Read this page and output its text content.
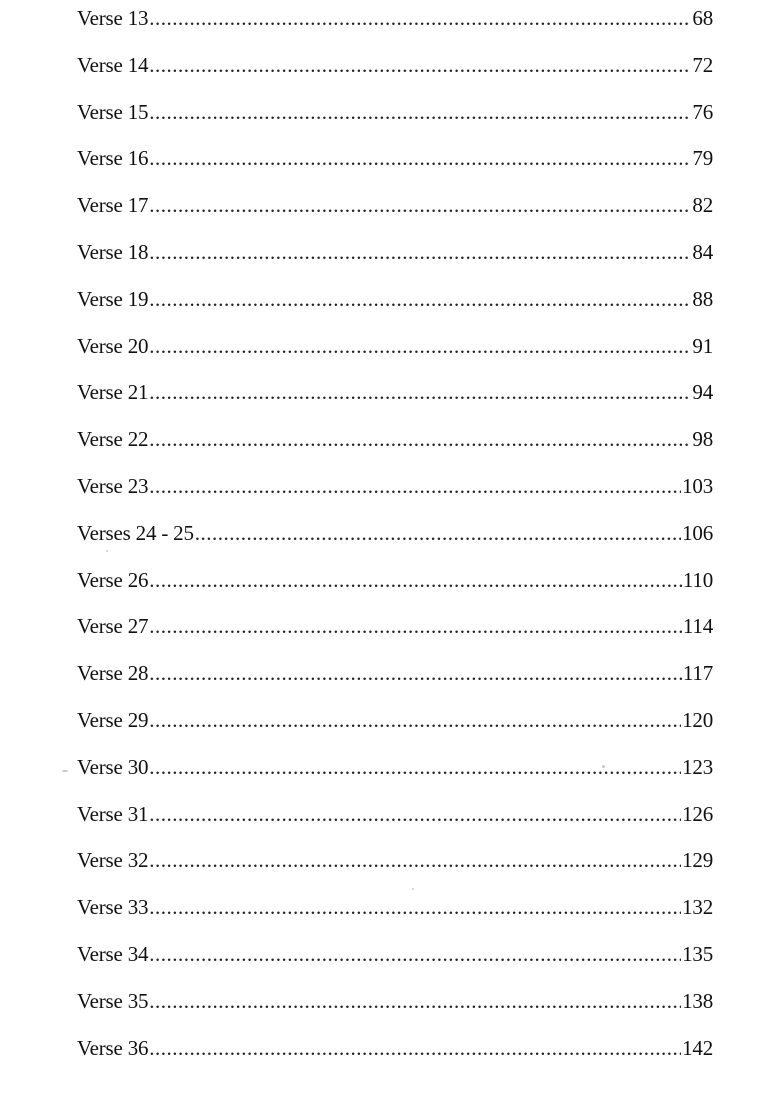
Verse 13 .....	68
Verse 14 .....	72
Verse 15 .....	76
Verse 16 .....	79
Verse 17 .....	82
Verse 18 .....	84
Verse 19 .....	88
Verse 20 .....	91
Verse 21 .....	94
Verse 22 .....	98
Verse 23 .....	103
Verses 24 - 25 .....	106
Verse 26 .....	110
Verse 27 .....	114
Verse 28 .....	117
Verse 29 .....	120
Verse 30 .....	123
Verse 31 .....	126
Verse 32 .....	129
Verse 33 .....	132
Verse 34 .....	135
Verse 35 .....	138
Verse 36 .....	142
